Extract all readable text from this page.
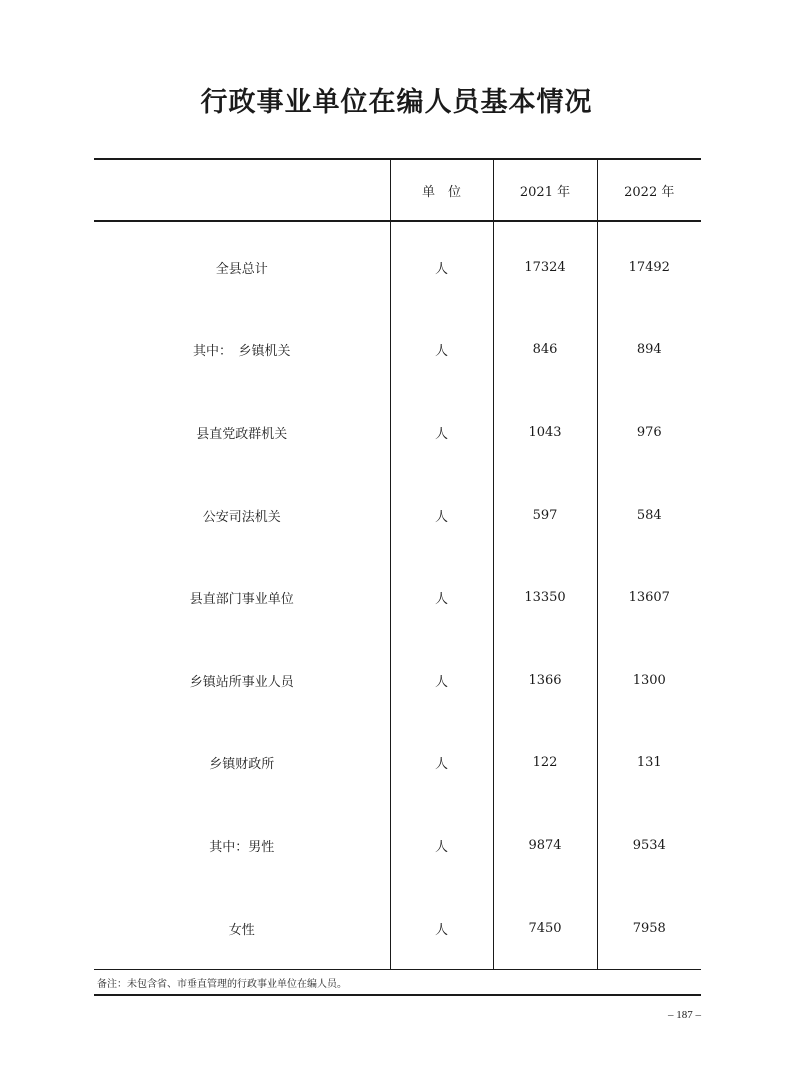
行政事业单位在编人员基本情况
	单　位	2021 年	2022 年
全县总计	人	17324	17492
其中：　乡镇机关	人	846	894
县直党政群机关	人	1043	976
公安司法机关	人	597	584
县直部门事业单位	人	13350	13607
乡镇站所事业人员	人	1366	1300
乡镇财政所	人	122	131
其中：男性	人	9874	9534
女性	人	7450	7958
备注：未包含省、市垂直管理的行政事业单位在编人员。			
– 187 –
